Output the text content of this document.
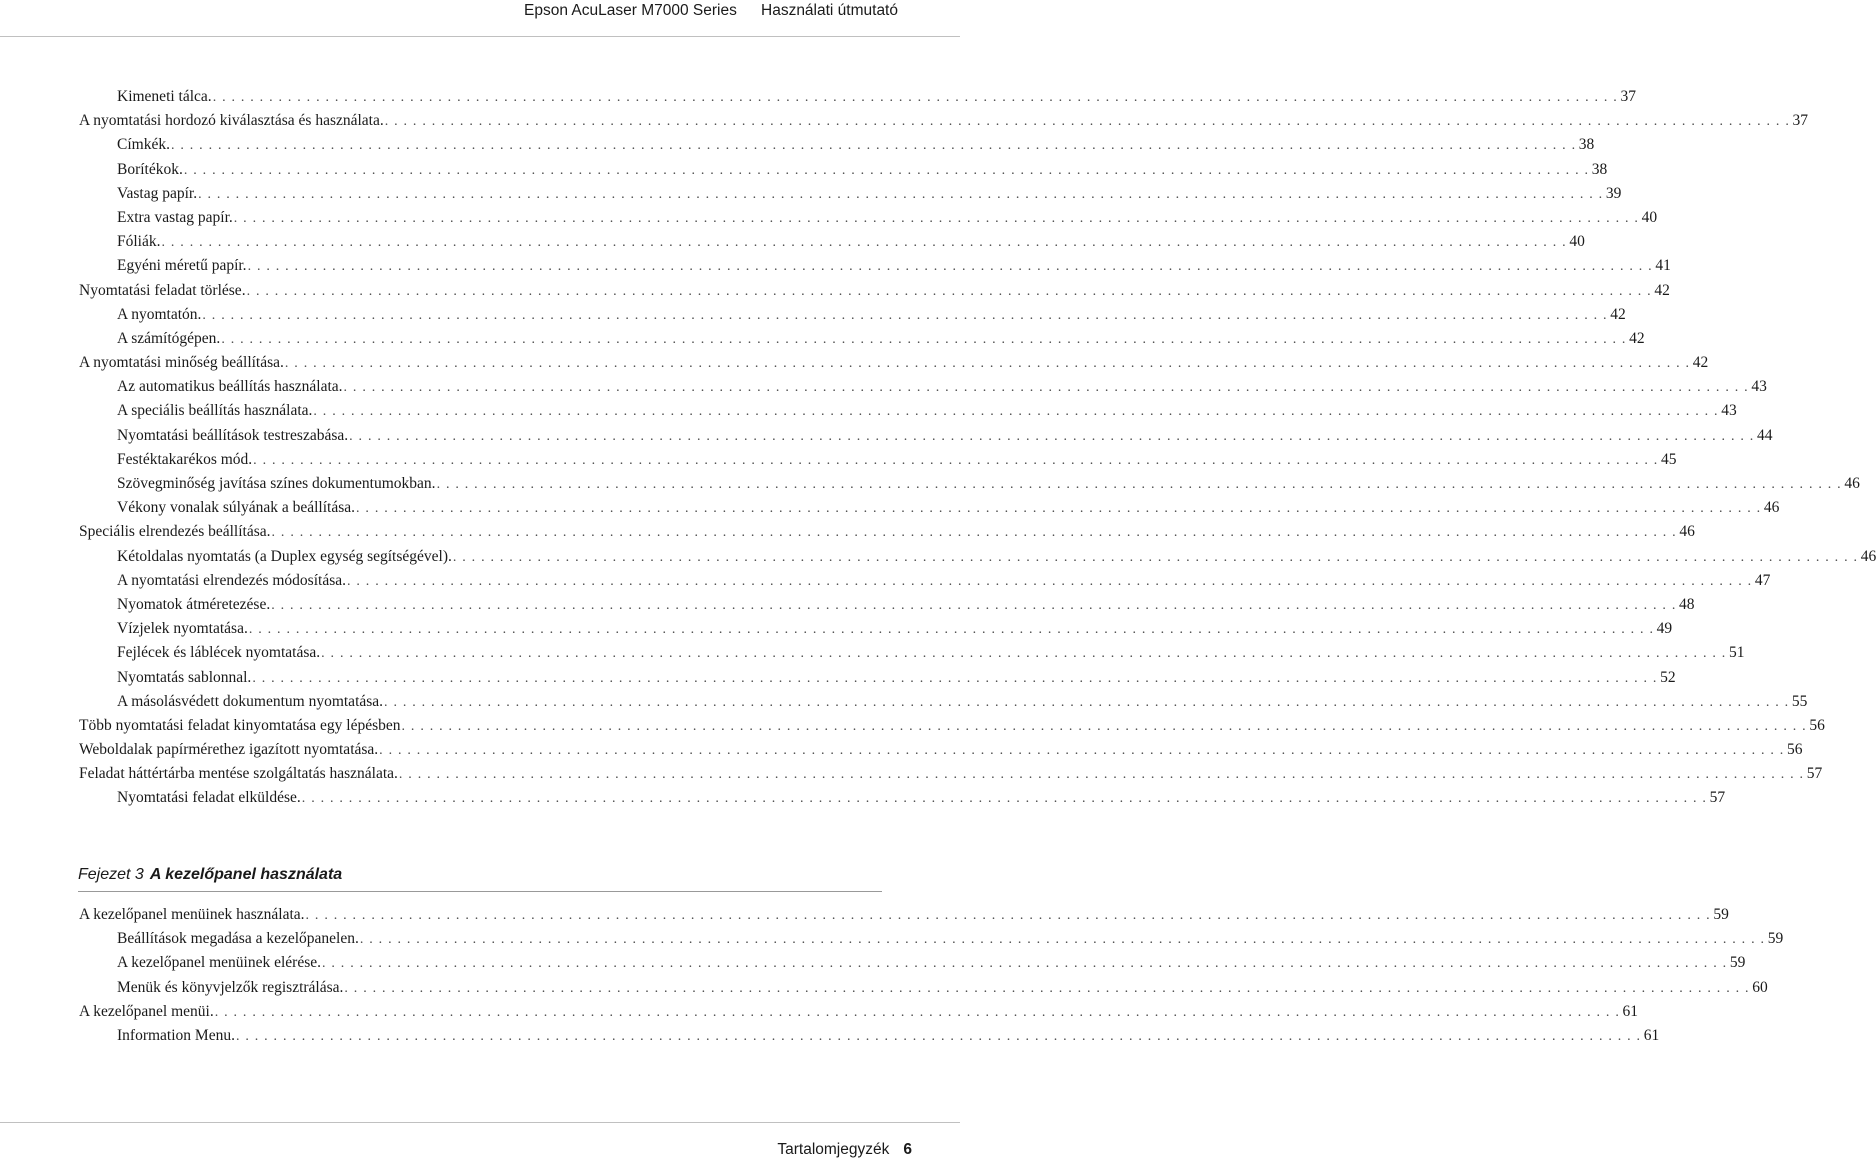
Epson AcuLaser M7000 Series Használati útmutató
Kimeneti tálca. . . . . . . . . . . . . . . . . . . . . . . . . . . . . . . . . . . . . . . . . . . . . . . . . . . . . . . . . . . . . . . . . . . . . . . . . . . . . . . . . . . . . . . . . . . . . . . . . . . . . . . . . . . . . . . . . . . . . . . . . . . . . . . . . . . . . . . . . . . . . . . . . . . . . . . 37
A nyomtatási hordozó kiválasztása és használata. . . . . . . . . . . . . . . . . . . . . . . . . . . . . . . . . . . . . . . . . . . . . . . . . . . . . . . . . . . . . . . . . . . . . . . . . . . . . . . . . . . . . . . . . . . . . . . . . . . . . . . . . . . . . . . . . . . . . . . . . . . . . . . . . . . . . . . . . . . . . . . . . . . . . . . 37
Címkék. . . . . . . . . . . . . . . . . . . . . . . . . . . . . . . . . . . . . . . . . . . . . . . . . . . . . . . . . . . . . . . . . . . . . . . . . . . . . . . . . . . . . . . . . . . . . . . . . . . . . . . . . . . . . . . . . . . . . . . . . . . . . . . . . . . . . . . . . . . . . . . . . . . . . . . 38
Borítékok. . . . . . . . . . . . . . . . . . . . . . . . . . . . . . . . . . . . . . . . . . . . . . . . . . . . . . . . . . . . . . . . . . . . . . . . . . . . . . . . . . . . . . . . . . . . . . . . . . . . . . . . . . . . . . . . . . . . . . . . . . . . . . . . . . . . . . . . . . . . . . . . . . . . . . . 38
Vastag papír. . . . . . . . . . . . . . . . . . . . . . . . . . . . . . . . . . . . . . . . . . . . . . . . . . . . . . . . . . . . . . . . . . . . . . . . . . . . . . . . . . . . . . . . . . . . . . . . . . . . . . . . . . . . . . . . . . . . . . . . . . . . . . . . . . . . . . . . . . . . . . . . . . . . . . . 39
Extra vastag papír. . . . . . . . . . . . . . . . . . . . . . . . . . . . . . . . . . . . . . . . . . . . . . . . . . . . . . . . . . . . . . . . . . . . . . . . . . . . . . . . . . . . . . . . . . . . . . . . . . . . . . . . . . . . . . . . . . . . . . . . . . . . . . . . . . . . . . . . . . . . . . . . . . . . . . . 40
Fóliák. . . . . . . . . . . . . . . . . . . . . . . . . . . . . . . . . . . . . . . . . . . . . . . . . . . . . . . . . . . . . . . . . . . . . . . . . . . . . . . . . . . . . . . . . . . . . . . . . . . . . . . . . . . . . . . . . . . . . . . . . . . . . . . . . . . . . . . . . . . . . . . . . . . . . . . 40
Egyéni méretű papír. . . . . . . . . . . . . . . . . . . . . . . . . . . . . . . . . . . . . . . . . . . . . . . . . . . . . . . . . . . . . . . . . . . . . . . . . . . . . . . . . . . . . . . . . . . . . . . . . . . . . . . . . . . . . . . . . . . . . . . . . . . . . . . . . . . . . . . . . . . . . . . . . . . . . . . 41
Nyomtatási feladat törlése. . . . . . . . . . . . . . . . . . . . . . . . . . . . . . . . . . . . . . . . . . . . . . . . . . . . . . . . . . . . . . . . . . . . . . . . . . . . . . . . . . . . . . . . . . . . . . . . . . . . . . . . . . . . . . . . . . . . . . . . . . . . . . . . . . . . . . . . . . . . . . . . . . . . . . . 42
A nyomtatón. . . . . . . . . . . . . . . . . . . . . . . . . . . . . . . . . . . . . . . . . . . . . . . . . . . . . . . . . . . . . . . . . . . . . . . . . . . . . . . . . . . . . . . . . . . . . . . . . . . . . . . . . . . . . . . . . . . . . . . . . . . . . . . . . . . . . . . . . . . . . . . . . . . . . . . 42
A számítógépen. . . . . . . . . . . . . . . . . . . . . . . . . . . . . . . . . . . . . . . . . . . . . . . . . . . . . . . . . . . . . . . . . . . . . . . . . . . . . . . . . . . . . . . . . . . . . . . . . . . . . . . . . . . . . . . . . . . . . . . . . . . . . . . . . . . . . . . . . . . . . . . . . . . . . . . 42
A nyomtatási minőség beállítása. . . . . . . . . . . . . . . . . . . . . . . . . . . . . . . . . . . . . . . . . . . . . . . . . . . . . . . . . . . . . . . . . . . . . . . . . . . . . . . . . . . . . . . . . . . . . . . . . . . . . . . . . . . . . . . . . . . . . . . . . . . . . . . . . . . . . . . . . . . . . . . . . . . . . . . 42
Az automatikus beállítás használata. . . . . . . . . . . . . . . . . . . . . . . . . . . . . . . . . . . . . . . . . . . . . . . . . . . . . . . . . . . . . . . . . . . . . . . . . . . . . . . . . . . . . . . . . . . . . . . . . . . . . . . . . . . . . . . . . . . . . . . . . . . . . . . . . . . . . . . . . . . . . . . . . . . . . . . 43
A speciális beállítás használata. . . . . . . . . . . . . . . . . . . . . . . . . . . . . . . . . . . . . . . . . . . . . . . . . . . . . . . . . . . . . . . . . . . . . . . . . . . . . . . . . . . . . . . . . . . . . . . . . . . . . . . . . . . . . . . . . . . . . . . . . . . . . . . . . . . . . . . . . . . . . . . . . . . . . . . 43
Nyomtatási beállítások testreszabása. . . . . . . . . . . . . . . . . . . . . . . . . . . . . . . . . . . . . . . . . . . . . . . . . . . . . . . . . . . . . . . . . . . . . . . . . . . . . . . . . . . . . . . . . . . . . . . . . . . . . . . . . . . . . . . . . . . . . . . . . . . . . . . . . . . . . . . . . . . . . . . . . . . . . . . 44
Festéktakarékos mód. . . . . . . . . . . . . . . . . . . . . . . . . . . . . . . . . . . . . . . . . . . . . . . . . . . . . . . . . . . . . . . . . . . . . . . . . . . . . . . . . . . . . . . . . . . . . . . . . . . . . . . . . . . . . . . . . . . . . . . . . . . . . . . . . . . . . . . . . . . . . . . . . . . . . . . 45
Szövegminőség javítása színes dokumentumokban. . . . . . . . . . . . . . . . . . . . . . . . . . . . . . . . . . . . . . . . . . . . . . . . . . . . . . . . . . . . . . . . . . . . . . . . . . . . . . . . . . . . . . . . . . . . . . . . . . . . . . . . . . . . . . . . . . . . . . . . . . . . . . . . . . . . . . . . . . . . . . . . . . . . . . . 46
Vékony vonalak súlyának a beállítása. . . . . . . . . . . . . . . . . . . . . . . . . . . . . . . . . . . . . . . . . . . . . . . . . . . . . . . . . . . . . . . . . . . . . . . . . . . . . . . . . . . . . . . . . . . . . . . . . . . . . . . . . . . . . . . . . . . . . . . . . . . . . . . . . . . . . . . . . . . . . . . . . . . . . . . 46
Speciális elrendezés beállítása. . . . . . . . . . . . . . . . . . . . . . . . . . . . . . . . . . . . . . . . . . . . . . . . . . . . . . . . . . . . . . . . . . . . . . . . . . . . . . . . . . . . . . . . . . . . . . . . . . . . . . . . . . . . . . . . . . . . . . . . . . . . . . . . . . . . . . . . . . . . . . . . . . . . . . . 46
Kétoldalas nyomtatás (a Duplex egység segítségével). . . . . . . . . . . . . . . . . . . . . . . . . . . . . . . . . . . . . . . . . . . . . . . . . . . . . . . . . . . . . . . . . . . . . . . . . . . . . . . . . . . . . . . . . . . . . . . . . . . . . . . . . . . . . . . . . . . . . . . . . . . . . . . . . . . . . . . . . . . . . . . . . . . . . . . 46
A nyomtatási elrendezés módosítása. . . . . . . . . . . . . . . . . . . . . . . . . . . . . . . . . . . . . . . . . . . . . . . . . . . . . . . . . . . . . . . . . . . . . . . . . . . . . . . . . . . . . . . . . . . . . . . . . . . . . . . . . . . . . . . . . . . . . . . . . . . . . . . . . . . . . . . . . . . . . . . . . . . . . . . 47
Nyomatok átméretezése. . . . . . . . . . . . . . . . . . . . . . . . . . . . . . . . . . . . . . . . . . . . . . . . . . . . . . . . . . . . . . . . . . . . . . . . . . . . . . . . . . . . . . . . . . . . . . . . . . . . . . . . . . . . . . . . . . . . . . . . . . . . . . . . . . . . . . . . . . . . . . . . . . . . . . . 48
Vízjelek nyomtatása. . . . . . . . . . . . . . . . . . . . . . . . . . . . . . . . . . . . . . . . . . . . . . . . . . . . . . . . . . . . . . . . . . . . . . . . . . . . . . . . . . . . . . . . . . . . . . . . . . . . . . . . . . . . . . . . . . . . . . . . . . . . . . . . . . . . . . . . . . . . . . . . . . . . . . . 49
Fejlécek és láblécek nyomtatása. . . . . . . . . . . . . . . . . . . . . . . . . . . . . . . . . . . . . . . . . . . . . . . . . . . . . . . . . . . . . . . . . . . . . . . . . . . . . . . . . . . . . . . . . . . . . . . . . . . . . . . . . . . . . . . . . . . . . . . . . . . . . . . . . . . . . . . . . . . . . . . . . . . . . . . 51
Nyomtatás sablonnal. . . . . . . . . . . . . . . . . . . . . . . . . . . . . . . . . . . . . . . . . . . . . . . . . . . . . . . . . . . . . . . . . . . . . . . . . . . . . . . . . . . . . . . . . . . . . . . . . . . . . . . . . . . . . . . . . . . . . . . . . . . . . . . . . . . . . . . . . . . . . . . . . . . . . . . 52
A másolásvédett dokumentum nyomtatása. . . . . . . . . . . . . . . . . . . . . . . . . . . . . . . . . . . . . . . . . . . . . . . . . . . . . . . . . . . . . . . . . . . . . . . . . . . . . . . . . . . . . . . . . . . . . . . . . . . . . . . . . . . . . . . . . . . . . . . . . . . . . . . . . . . . . . . . . . . . . . . . . . . . . . . 55
Több nyomtatási feladat kinyomtatása egy lépésben . . . . . . . . . . . . . . . . . . . . . . . . . . . . . . . . . . . . . . . . . . . . . . . . . . . . . . . . . . . . . . . . . . . . . . . . . . . . . . . . . . . . . . . . . . . . . . . . . . . . . . . . . . . . . . . . . . . . . . . . . . . . . . . . . . . . . . . . . . . . . . . . . . . . . . 56
Weboldalak papírmérethez igazított nyomtatása. . . . . . . . . . . . . . . . . . . . . . . . . . . . . . . . . . . . . . . . . . . . . . . . . . . . . . . . . . . . . . . . . . . . . . . . . . . . . . . . . . . . . . . . . . . . . . . . . . . . . . . . . . . . . . . . . . . . . . . . . . . . . . . . . . . . . . . . . . . . . . . . . . . . . . . 56
Feladat háttértárba mentése szolgáltatás használata. . . . . . . . . . . . . . . . . . . . . . . . . . . . . . . . . . . . . . . . . . . . . . . . . . . . . . . . . . . . . . . . . . . . . . . . . . . . . . . . . . . . . . . . . . . . . . . . . . . . . . . . . . . . . . . . . . . . . . . . . . . . . . . . . . . . . . . . . . . . . . . . . . . . . . . 57
Nyomtatási feladat elküldése. . . . . . . . . . . . . . . . . . . . . . . . . . . . . . . . . . . . . . . . . . . . . . . . . . . . . . . . . . . . . . . . . . . . . . . . . . . . . . . . . . . . . . . . . . . . . . . . . . . . . . . . . . . . . . . . . . . . . . . . . . . . . . . . . . . . . . . . . . . . . . . . . . . . . . . 57
Fejezet 3 A kezelőpanel használata
A kezelőpanel menüinek használata. . . . . . . . . . . . . . . . . . . . . . . . . . . . . . . . . . . . . . . . . . . . . . . . . . . . . . . . . . . . . . . . . . . . . . . . . . . . . . . . . . . . . . . . . . . . . . . . . . . . . . . . . . . . . . . . . . . . . . . . . . . . . . . . . . . . . . . . . . . . . . . . . . . . . . . 59
Beállítások megadása a kezelőpanelen. . . . . . . . . . . . . . . . . . . . . . . . . . . . . . . . . . . . . . . . . . . . . . . . . . . . . . . . . . . . . . . . . . . . . . . . . . . . . . . . . . . . . . . . . . . . . . . . . . . . . . . . . . . . . . . . . . . . . . . . . . . . . . . . . . . . . . . . . . . . . . . . . . . . . . . 59
A kezelőpanel menüinek elérése. . . . . . . . . . . . . . . . . . . . . . . . . . . . . . . . . . . . . . . . . . . . . . . . . . . . . . . . . . . . . . . . . . . . . . . . . . . . . . . . . . . . . . . . . . . . . . . . . . . . . . . . . . . . . . . . . . . . . . . . . . . . . . . . . . . . . . . . . . . . . . . . . . . . . . . 59
Menük és könyvjelzők regisztrálása. . . . . . . . . . . . . . . . . . . . . . . . . . . . . . . . . . . . . . . . . . . . . . . . . . . . . . . . . . . . . . . . . . . . . . . . . . . . . . . . . . . . . . . . . . . . . . . . . . . . . . . . . . . . . . . . . . . . . . . . . . . . . . . . . . . . . . . . . . . . . . . . . . . . . . . 60
A kezelőpanel menüi. . . . . . . . . . . . . . . . . . . . . . . . . . . . . . . . . . . . . . . . . . . . . . . . . . . . . . . . . . . . . . . . . . . . . . . . . . . . . . . . . . . . . . . . . . . . . . . . . . . . . . . . . . . . . . . . . . . . . . . . . . . . . . . . . . . . . . . . . . . . . . . . . . . . . . . 61
Information Menu. . . . . . . . . . . . . . . . . . . . . . . . . . . . . . . . . . . . . . . . . . . . . . . . . . . . . . . . . . . . . . . . . . . . . . . . . . . . . . . . . . . . . . . . . . . . . . . . . . . . . . . . . . . . . . . . . . . . . . . . . . . . . . . . . . . . . . . . . . . . . . . . . . . . . . . 61
Tartalomjegyzék 6
